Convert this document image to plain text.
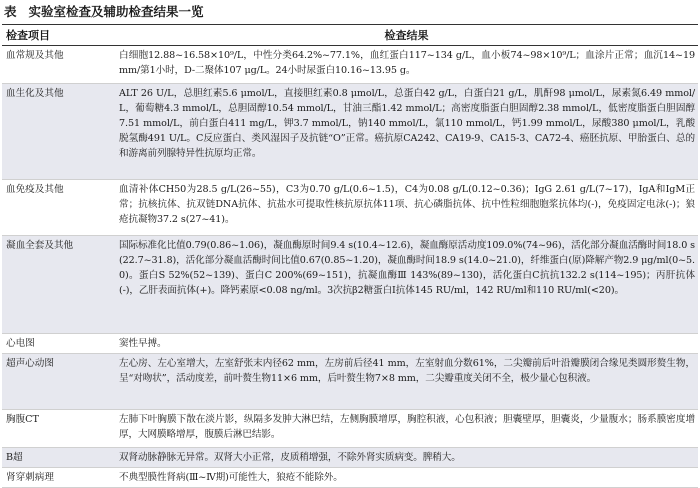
表 实验室检查及辅助检查结果一览
检查项目	检查结果
血常规及其他	白细胞12.88~16.58×10⁹/L，中性分类64.2%~77.1%，血红蛋白117~134 g/L，血小板74~98×10⁹/L；血涂片正常；血沉14~19 mm/第1小时，D-二聚体107 μg/L。24小时尿蛋白10.16~13.95 g。
血生化及其他	ALT 26 U/L，总胆红素5.6 μmol/L，直接胆红素0.8 μmol/L，总蛋白42 g/L，白蛋白21 g/L，肌酐98 μmol/L，尿素氮6.49 mmol/L，葡萄糖4.3 mmol/L，总胆固醇10.54 mmol/L，甘油三酯1.42 mmol/L；高密度脂蛋白胆固醇2.38 mmol/L，低密度脂蛋白胆固醇7.51 mmol/L，前白蛋白411 mg/L，钾3.7 mmol/L，钠140 mmol/L，氯110 mmol/L，钙1.99 mmol/L，尿酸380 μmol/L，乳酸脱氢酶491 U/L。C反应蛋白、类风湿因子及抗链“O”正常。癌抗原CA242、CA19-9、CA15-3、CA72-4、癌胚抗原、甲胎蛋白、总的和游离前列腺特异性抗原均正常。
血免疫及其他	血清补体CH50为28.5 g/L(26~55)，C3为0.70 g/L(0.6~1.5)，C4为0.08 g/L(0.12~0.36)；IgG 2.61 g/L(7~17)，IgA和IgM正常；抗核抗体、抗双链DNA抗体、抗盐水可提取性核抗原抗体11项、抗心磷脂抗体、抗中性粒细胞胞浆抗体均(-)，免疫固定电泳(-)；狼疮抗凝物37.2 s(27~41)。
凝血全套及其他	国际标准化比值0.79(0.86~1.06)，凝血酶原时间9.4 s(10.4~12.6)，凝血酶原活动度109.0%(74~96)，活化部分凝血活酶时间18.0 s(22.7~31.8)，活化部分凝血活酶时间比值0.67(0.85~1.20)，凝血酶时间18.9 s(14.0~21.0)，纤维蛋白(原)降解产物2.9 μg/ml(0~5.0)。蛋白S 52%(52~139)、蛋白C 200%(69~151)，抗凝血酶Ⅲ 143%(89~130)，活化蛋白C抗抗132.2 s(114~195)；丙肝抗体(-)，乙肝表面抗体(+)。降钙素原<0.08 ng/ml。3次抗β2糖蛋白Ⅰ抗体145 RU/ml，142 RU/ml和110 RU/ml(<20)。
心电图	窦性早搏。
超声心动图	左心房、左心室增大，左室舒张末内径62 mm，左房前后径41 mm，左室射血分数61%，二尖瓣前后叶沿瓣膜闭合缘见类圆形赘生物，呈“对吻状”，活动度差，前叶赘生物11×6 mm，后叶赘生物7×8 mm，二尖瓣重度关闭不全，极少量心包积液。
胸腹CT	左肺下叶胸膜下散在淡片影，纵隔多发肿大淋巴结，左侧胸膜增厚，胸腔积液，心包积液；胆囊壁厚，胆囊炎，少量腹水；肠系膜密度增厚，大网膜略增厚，腹膜后淋巴结影。
B超	双肾动脉静脉无异常。双肾大小正常，皮质稍增强，不除外肾实质病变。脾稍大。
肾穿刺病理	不典型膜性肾病(Ⅲ~Ⅳ期)可能性大，狼疮不能除外。
